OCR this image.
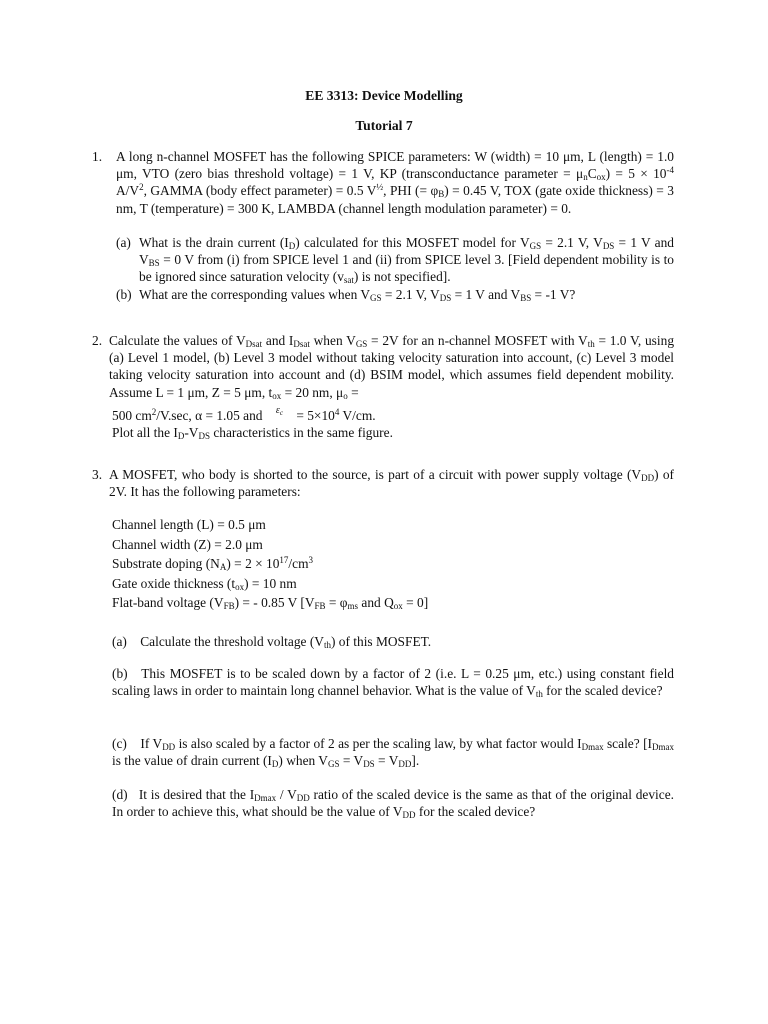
EE 3313: Device Modelling
Tutorial 7
1. A long n-channel MOSFET has the following SPICE parameters: W (width) = 10 μm, L (length) = 1.0 μm, VTO (zero bias threshold voltage) = 1 V, KP (transconductance parameter = $\mu_nC_{ox}) = 5 \times 10^{-4}$ $A/V^2$, GAMMA (body effect parameter) = 0.5 $V^{\frac{1}{2}}$, PHI (= $\varphi_B) = 0.45$ V, TOX (gate oxide thickness) = 3 nm, T (temperature) = 300 K, LAMBDA (channel length modulation parameter) = 0.
(a) What is the drain current $(I_D)$ calculated for this MOSFET model for $V_{GS} = 2.1$ V, $V_{DS} = 1$ V and $V_{BS} = 0$ V from (i) from SPICE level 1 and (ii) from SPICE level 3. [Field dependent mobility is to be ignored since saturation velocity $(v_{sat})$ is not specified].
(b) What are the corresponding values when $V_{GS} = 2.1$ V, $V_{DS} = 1$ V and $V_{BS} = -1$ V?
2. Calculate the values of $V_{Dsat}$ and $I_{Dsat}$ when $V_{GS} = 2V$ for an n-channel MOSFET with $V_{th} = 1.0$ V, using (a) Level 1 model, (b) Level 3 model without taking velocity saturation into account, (c) Level 3 model taking velocity saturation into account and (d) BSIM model, which assumes field dependent mobility. Assume L = 1 μm, Z = 5 μm, $t_{ox} = 20$ nm, $\mu_o$ =
500 $cm^2/V.\sec$, α = 1.05 and    $^{\varepsilon_c}$    = $5\times 10^4$ V/cm.
Plot all the $I_D-V_{DS}$ characteristics in the same figure.
3. A MOSFET, who body is shorted to the source, is part of a circuit with power supply voltage $(V_{DD})$ of 2V. It has the following parameters:
Channel length (L) = 0.5 μm
Channel width (Z) = 2.0 μm
Substrate doping $(N_A) = 2 \times 10^{17}/cm^3$
Gate oxide thickness $(t_{ox}) = 10$ nm
Flat-band voltage $(V_{FB})$ = - 0.85 V [$V_{FB} = \varphi_{ms}$ and $Q_{ox} = 0$]
(a)    Calculate the threshold voltage $(V_{th})$ of this MOSFET.
(b)   This MOSFET is to be scaled down by a factor of 2 (i.e. L = 0.25 μm, etc.) using constant field scaling laws in order to maintain long channel behavior. What is the value of $V_{th}$ for the scaled device?
(c)    If $V_{DD}$ is also scaled by a factor of 2 as per the scaling law, by what factor would $I_{Dmax}$ scale? [$I_{Dmax}$ is the value of drain current $(I_D)$ when $V_{GS} = V_{DS} = V_{DD}$].
(d)   It is desired that the $I_{Dmax} / V_{DD}$ ratio of the scaled device is the same as that of the original device. In order to achieve this, what should be the value of $V_{DD}$ for the scaled device?
